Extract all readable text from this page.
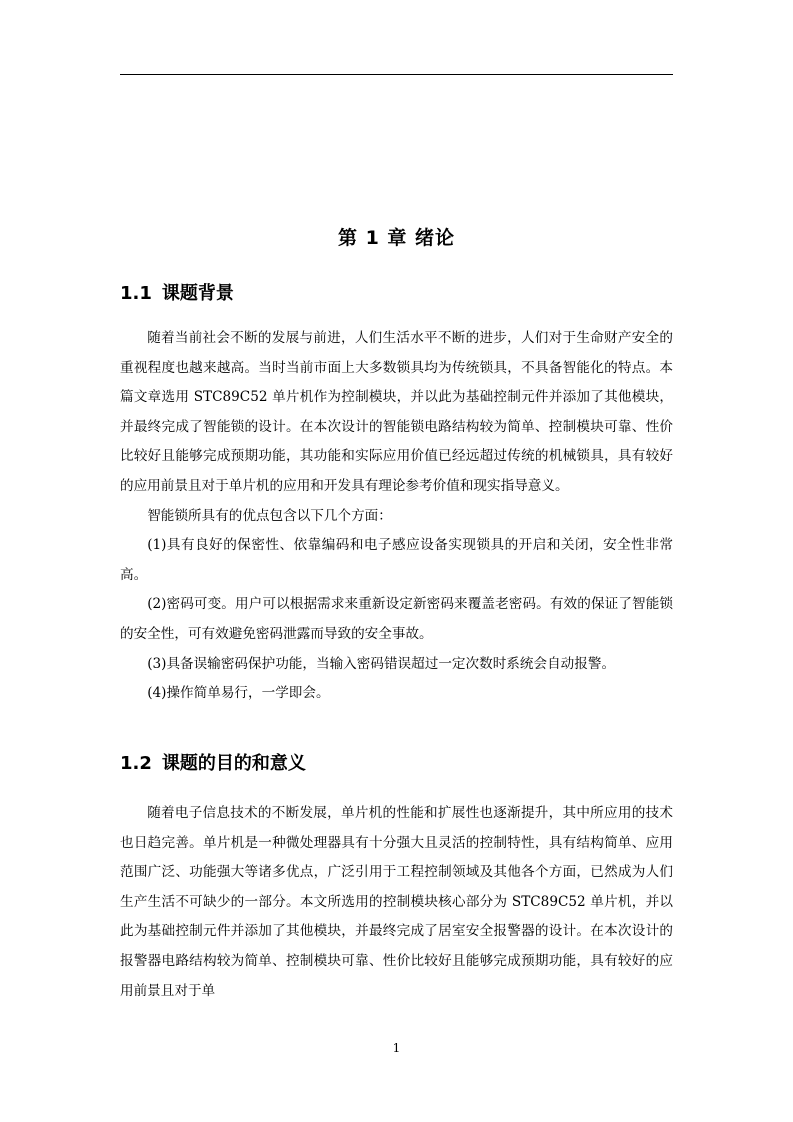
第 1 章 绪论
1.1 课题背景

随着当前社会不断的发展与前进，人们生活水平不断的进步，人们对于生命财产安全的重视程度也越来越高。当时当前市面上大多数锁具均为传统锁具，不具备智能化的特点。本篇文章选用 STC89C52 单片机作为控制模块，并以此为基础控制元件并添加了其他模块，并最终完成了智能锁的设计。在本次设计的智能锁电路结构较为简单、控制模块可靠、性价比较好且能够完成预期功能，其功能和实际应用价值已经远超过传统的机械锁具，具有较好的应用前景且对于单片机的应用和开发具有理论参考价值和现实指导意义。

智能锁所具有的优点包含以下几个方面：

(1)具有良好的保密性、依靠编码和电子感应设备实现锁具的开启和关闭，安全性非常高。

(2)密码可变。用户可以根据需求来重新设定新密码来覆盖老密码。有效的保证了智能锁的安全性，可有效避免密码泄露而导致的安全事故。

(3)具备误输密码保护功能，当输入密码错误超过一定次数时系统会自动报警。

(4)操作简单易行，一学即会。

1.2 课题的目的和意义

随着电子信息技术的不断发展，单片机的性能和扩展性也逐渐提升，其中所应用的技术也日趋完善。单片机是一种微处理器具有十分强大且灵活的控制特性，具有结构简单、应用范围广泛、功能强大等诸多优点，广泛引用于工程控制领域及其他各个方面，已然成为人们生产生活不可缺少的一部分。本文所选用的控制模块核心部分为 STC89C52 单片机，并以此为基础控制元件并添加了其他模块，并最终完成了居室安全报警器的设计。在本次设计的报警器电路结构较为简单、控制模块可靠、性价比较好且能够完成预期功能，具有较好的应用前景且对于单

1
